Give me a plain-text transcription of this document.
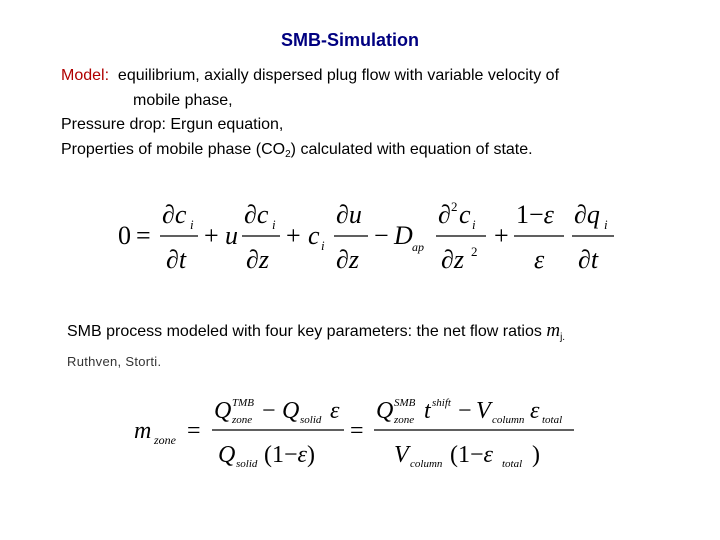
SMB-Simulation
Model: equilibrium, axially dispersed plug flow with variable velocity of
mobile phase,
Pressure drop: Ergun equation,
Properties of mobile phase $(CO_2)$ calculated with equation of state.
0 =
∂c i
∂t
+ u
∂c i
∂z
+ c i
∂u
∂z
− D ap
∂ 2 c i
∂z 2
+
1−ε
ε
∂q i
∂t
SMB process modeled with four key parameters: the net flow ratios $m_{j.}$
Ruthven, Storti.
m zone =
Q TMB
zone − Q solid ε
Q solid (1−ε)
=
Q SMB
zone t shift − V column ε total
V column (1−ε total )
